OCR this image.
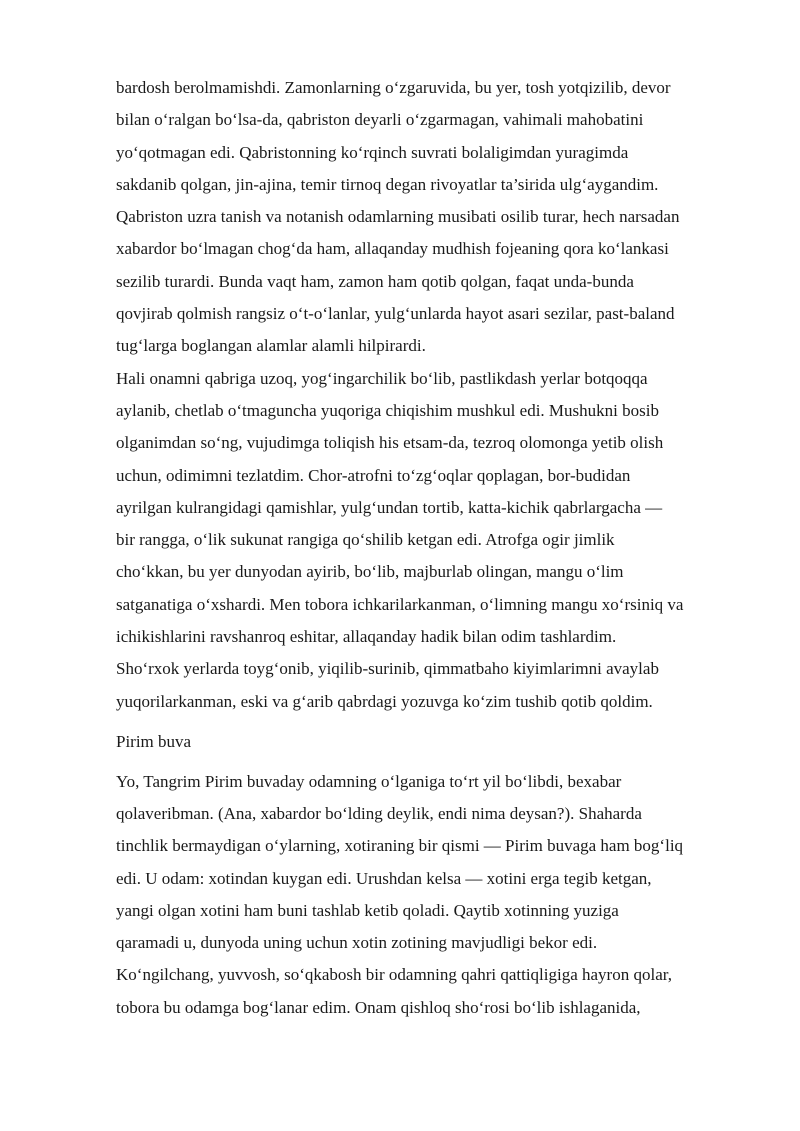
bardosh berolmamishdi. Zamonlarning o‘zgaruvida, bu yer, tosh yotqizilib, devor
bilan o‘ralgan bo‘lsa-da, qabriston deyarli o‘zgarmagan, vahimali mahobatini
yo‘qotmagan edi. Qabristonning ko‘rqinch suvrati bolaligimdan yuragimda
sakdanib qolgan, jin-ajina, temir tirnoq degan rivoyatlar ta’sirida ulg‘aygandim.
Qabriston uzra tanish va notanish odamlarning musibati osilib turar, hech narsadan
xabardor bo‘lmagan chog‘da ham, allaqanday mudhish fojeaning qora ko‘lankasi
sezilib turardi. Bunda vaqt ham, zamon ham qotib qolgan, faqat unda-bunda
qovjirab qolmish rangsiz o‘t-o‘lanlar, yulg‘unlarda hayot asari sezilar, past-baland
tug‘larga boglangan alamlar alamli hilpirardi.
Hali onamni qabriga uzoq, yog‘ingarchilik bo‘lib, pastlikdash yerlar botqoqqa
aylanib, chetlab o‘tmaguncha yuqoriga chiqishim mushkul edi. Mushukni bosib
olganimdan so‘ng, vujudimga toliqish his etsam-da, tezroq olomonga yetib olish
uchun, odimimni tezlatdim. Chor-atrofni to‘zg‘oqlar qoplagan, bor-budidan
ayrilgan kulrangidagi qamishlar, yulg‘undan tortib, katta-kichik qabrlargacha —
bir rangga, o‘lik sukunat rangiga qo‘shilib ketgan edi. Atrofga ogir jimlik
cho‘kkan, bu yer dunyodan ayirib, bo‘lib, majburlab olingan, mangu o‘lim
satganatiga o‘xshardi. Men tobora ichkarilarkanman, o‘limning mangu xo‘rsiniq va
ichikishlarini ravshanroq eshitar, allaqanday hadik bilan odim tashlardim.
Sho‘rxok yerlarda toyg‘onib, yiqilib-surinib, qimmatbaho kiyimlarimni avaylab
yuqorilarkanman, eski va g‘arib qabrdagi yozuvga ko‘zim tushib qotib qoldim.
Pirim buva
Yo, Tangrim Pirim buvaday odamning o‘lganiga to‘rt yil bo‘libdi, bexabar
qolaveribman. (Ana, xabardor bo‘lding deylik, endi nima deysan?). Shaharda
tinchlik bermaydigan o‘ylarning, xotiraning bir qismi — Pirim buvaga ham bog‘liq
edi. U odam: xotindan kuygan edi. Urushdan kelsa — xotini erga tegib ketgan,
yangi olgan xotini ham buni tashlab ketib qoladi. Qaytib xotinning yuziga
qaramadi u, dunyoda uning uchun xotin zotining mavjudligi bekor edi.
Ko‘ngilchang, yuvvosh, so‘qkabosh bir odamning qahri qattiqligiga hayron qolar,
tobora bu odamga bog‘lanar edim. Onam qishloq sho‘rosi bo‘lib ishlaganida,
